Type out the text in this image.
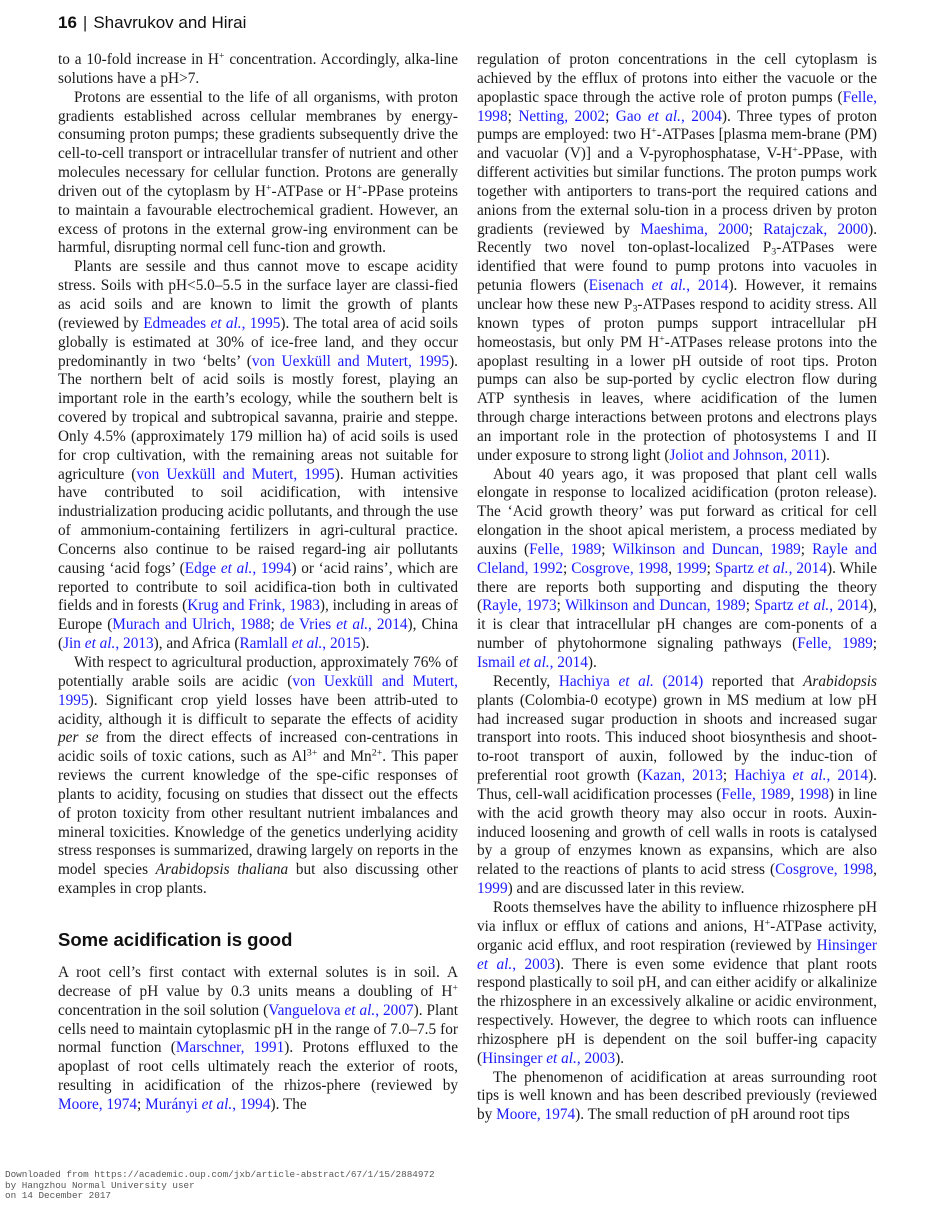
16 | Shavrukov and Hirai

to a 10-fold increase in H+ concentration. Accordingly, alka-line solutions have a pH>7.

Protons are essential to the life of all organisms, with proton gradients established across cellular membranes by energy-consuming proton pumps; these gradients subsequently drive the cell-to-cell transport or intracellular transfer of nutrient and other molecules necessary for cellular function. Protons are generally driven out of the cytoplasm by H+-ATPase or H+-PPase proteins to maintain a favourable electrochemical gradient. However, an excess of protons in the external grow-ing environment can be harmful, disrupting normal cell func-tion and growth.

Plants are sessile and thus cannot move to escape acidity stress. Soils with pH<5.0–5.5 in the surface layer are classi-fied as acid soils and are known to limit the growth of plants (reviewed by Edmeades et al., 1995). The total area of acid soils globally is estimated at 30% of ice-free land, and they occur predominantly in two ‘belts’ (von Uexküll and Mutert, 1995). The northern belt of acid soils is mostly forest, playing an important role in the earth’s ecology, while the southern belt is covered by tropical and subtropical savanna, prairie and steppe. Only 4.5% (approximately 179 million ha) of acid soils is used for crop cultivation, with the remaining areas not suitable for agriculture (von Uexküll and Mutert, 1995). Human activities have contributed to soil acidification, with intensive industrialization producing acidic pollutants, and through the use of ammonium-containing fertilizers in agri-cultural practice. Concerns also continue to be raised regard-ing air pollutants causing ‘acid fogs’ (Edge et al., 1994) or ‘acid rains’, which are reported to contribute to soil acidifica-tion both in cultivated fields and in forests (Krug and Frink, 1983), including in areas of Europe (Murach and Ulrich, 1988; de Vries et al., 2014), China (Jin et al., 2013), and Africa (Ramlall et al., 2015).

With respect to agricultural production, approximately 76% of potentially arable soils are acidic (von Uexküll and Mutert, 1995). Significant crop yield losses have been attrib-uted to acidity, although it is difficult to separate the effects of acidity per se from the direct effects of increased con-centrations in acidic soils of toxic cations, such as $Al^{3+}$ and $Mn^{2+}$. This paper reviews the current knowledge of the spe-cific responses of plants to acidity, focusing on studies that dissect out the effects of proton toxicity from other resultant nutrient imbalances and mineral toxicities. Knowledge of the genetics underlying acidity stress responses is summarized, drawing largely on reports in the model species Arabidopsis thaliana but also discussing other examples in crop plants.

Some acidification is good

A root cell’s first contact with external solutes is in soil. A decrease of pH value by 0.3 units means a doubling of H+ concentration in the soil solution (Vanguelova et al., 2007). Plant cells need to maintain cytoplasmic pH in the range of 7.0–7.5 for normal function (Marschner, 1991). Protons effluxed to the apoplast of root cells ultimately reach the exterior of roots, resulting in acidification of the rhizos-phere (reviewed by Moore, 1974; Murányi et al., 1994). The

regulation of proton concentrations in the cell cytoplasm is achieved by the efflux of protons into either the vacuole or the apoplastic space through the active role of proton pumps (Felle, 1998; Netting, 2002; Gao et al., 2004). Three types of proton pumps are employed: two H+-ATPases [plasma mem-brane (PM) and vacuolar (V)] and a V-pyrophosphatase, V-H+-PPase, with different activities but similar functions. The proton pumps work together with antiporters to trans-port the required cations and anions from the external solu-tion in a process driven by proton gradients (reviewed by Maeshima, 2000; Ratajczak, 2000). Recently two novel ton-oplast-localized $P_3$-ATPases were identified that were found to pump protons into vacuoles in petunia flowers (Eisenach et al., 2014). However, it remains unclear how these new $P_3$-ATPases respond to acidity stress. All known types of proton pumps support intracellular pH homeostasis, but only PM H+-ATPases release protons into the apoplast resulting in a lower pH outside of root tips. Proton pumps can also be sup-ported by cyclic electron flow during ATP synthesis in leaves, where acidification of the lumen through charge interactions between protons and electrons plays an important role in the protection of photosystems I and II under exposure to strong light (Joliot and Johnson, 2011).

About 40 years ago, it was proposed that plant cell walls elongate in response to localized acidification (proton release). The ‘Acid growth theory’ was put forward as critical for cell elongation in the shoot apical meristem, a process mediated by auxins (Felle, 1989; Wilkinson and Duncan, 1989; Rayle and Cleland, 1992; Cosgrove, 1998, 1999; Spartz et al., 2014). While there are reports both supporting and disputing the theory (Rayle, 1973; Wilkinson and Duncan, 1989; Spartz et al., 2014), it is clear that intracellular pH changes are com-ponents of a number of phytohormone signaling pathways (Felle, 1989; Ismail et al., 2014).

Recently, Hachiya et al. (2014) reported that Arabidopsis plants (Colombia-0 ecotype) grown in MS medium at low pH had increased sugar production in shoots and increased sugar transport into roots. This induced shoot biosynthesis and shoot-to-root transport of auxin, followed by the induc-tion of preferential root growth (Kazan, 2013; Hachiya et al., 2014). Thus, cell-wall acidification processes (Felle, 1989, 1998) in line with the acid growth theory may also occur in roots. Auxin-induced loosening and growth of cell walls in roots is catalysed by a group of enzymes known as expansins, which are also related to the reactions of plants to acid stress (Cosgrove, 1998, 1999) and are discussed later in this review.

Roots themselves have the ability to influence rhizosphere pH via influx or efflux of cations and anions, H+-ATPase activity, organic acid efflux, and root respiration (reviewed by Hinsinger et al., 2003). There is even some evidence that plant roots respond plastically to soil pH, and can either acidify or alkalinize the rhizosphere in an excessively alkaline or acidic environment, respectively. However, the degree to which roots can influence rhizosphere pH is dependent on the soil buffer-ing capacity (Hinsinger et al., 2003).

The phenomenon of acidification at areas surrounding root tips is well known and has been described previously (reviewed by Moore, 1974). The small reduction of pH around root tips

Downloaded from https://academic.oup.com/jxb/article-abstract/67/1/15/2884972
by Hangzhou Normal University user
on 14 December 2017
